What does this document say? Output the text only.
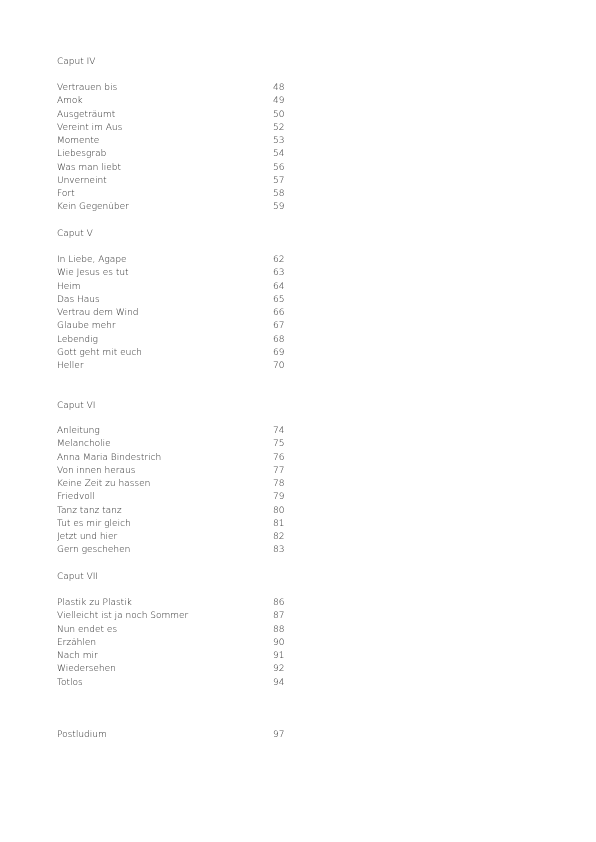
Caput IV
Vertrauen bis	48
Amok	49
Ausgeträumt	50
Vereint im Aus	52
Momente	53
Liebesgrab	54
Was man liebt	56
Unverneint	57
Fort	58
Kein Gegenüber	59
Caput V
In Liebe, Agape	62
Wie Jesus es tut	63
Heim	64
Das Haus	65
Vertrau dem Wind	66
Glaube mehr	67
Lebendig	68
Gott geht mit euch	69
Heller	70
Caput VI
Anleitung	74
Melancholie	75
Anna Maria Bindestrich	76
Von innen heraus	77
Keine Zeit zu hassen	78
Friedvoll	79
Tanz tanz tanz	80
Tut es mir gleich	81
Jetzt und hier	82
Gern geschehen	83
Caput VII
Plastik zu Plastik	86
Vielleicht ist ja noch Sommer	87
Nun endet es	88
Erzählen	90
Nach mir	91
Wiedersehen	92
Totlos	94
Postludium	97
